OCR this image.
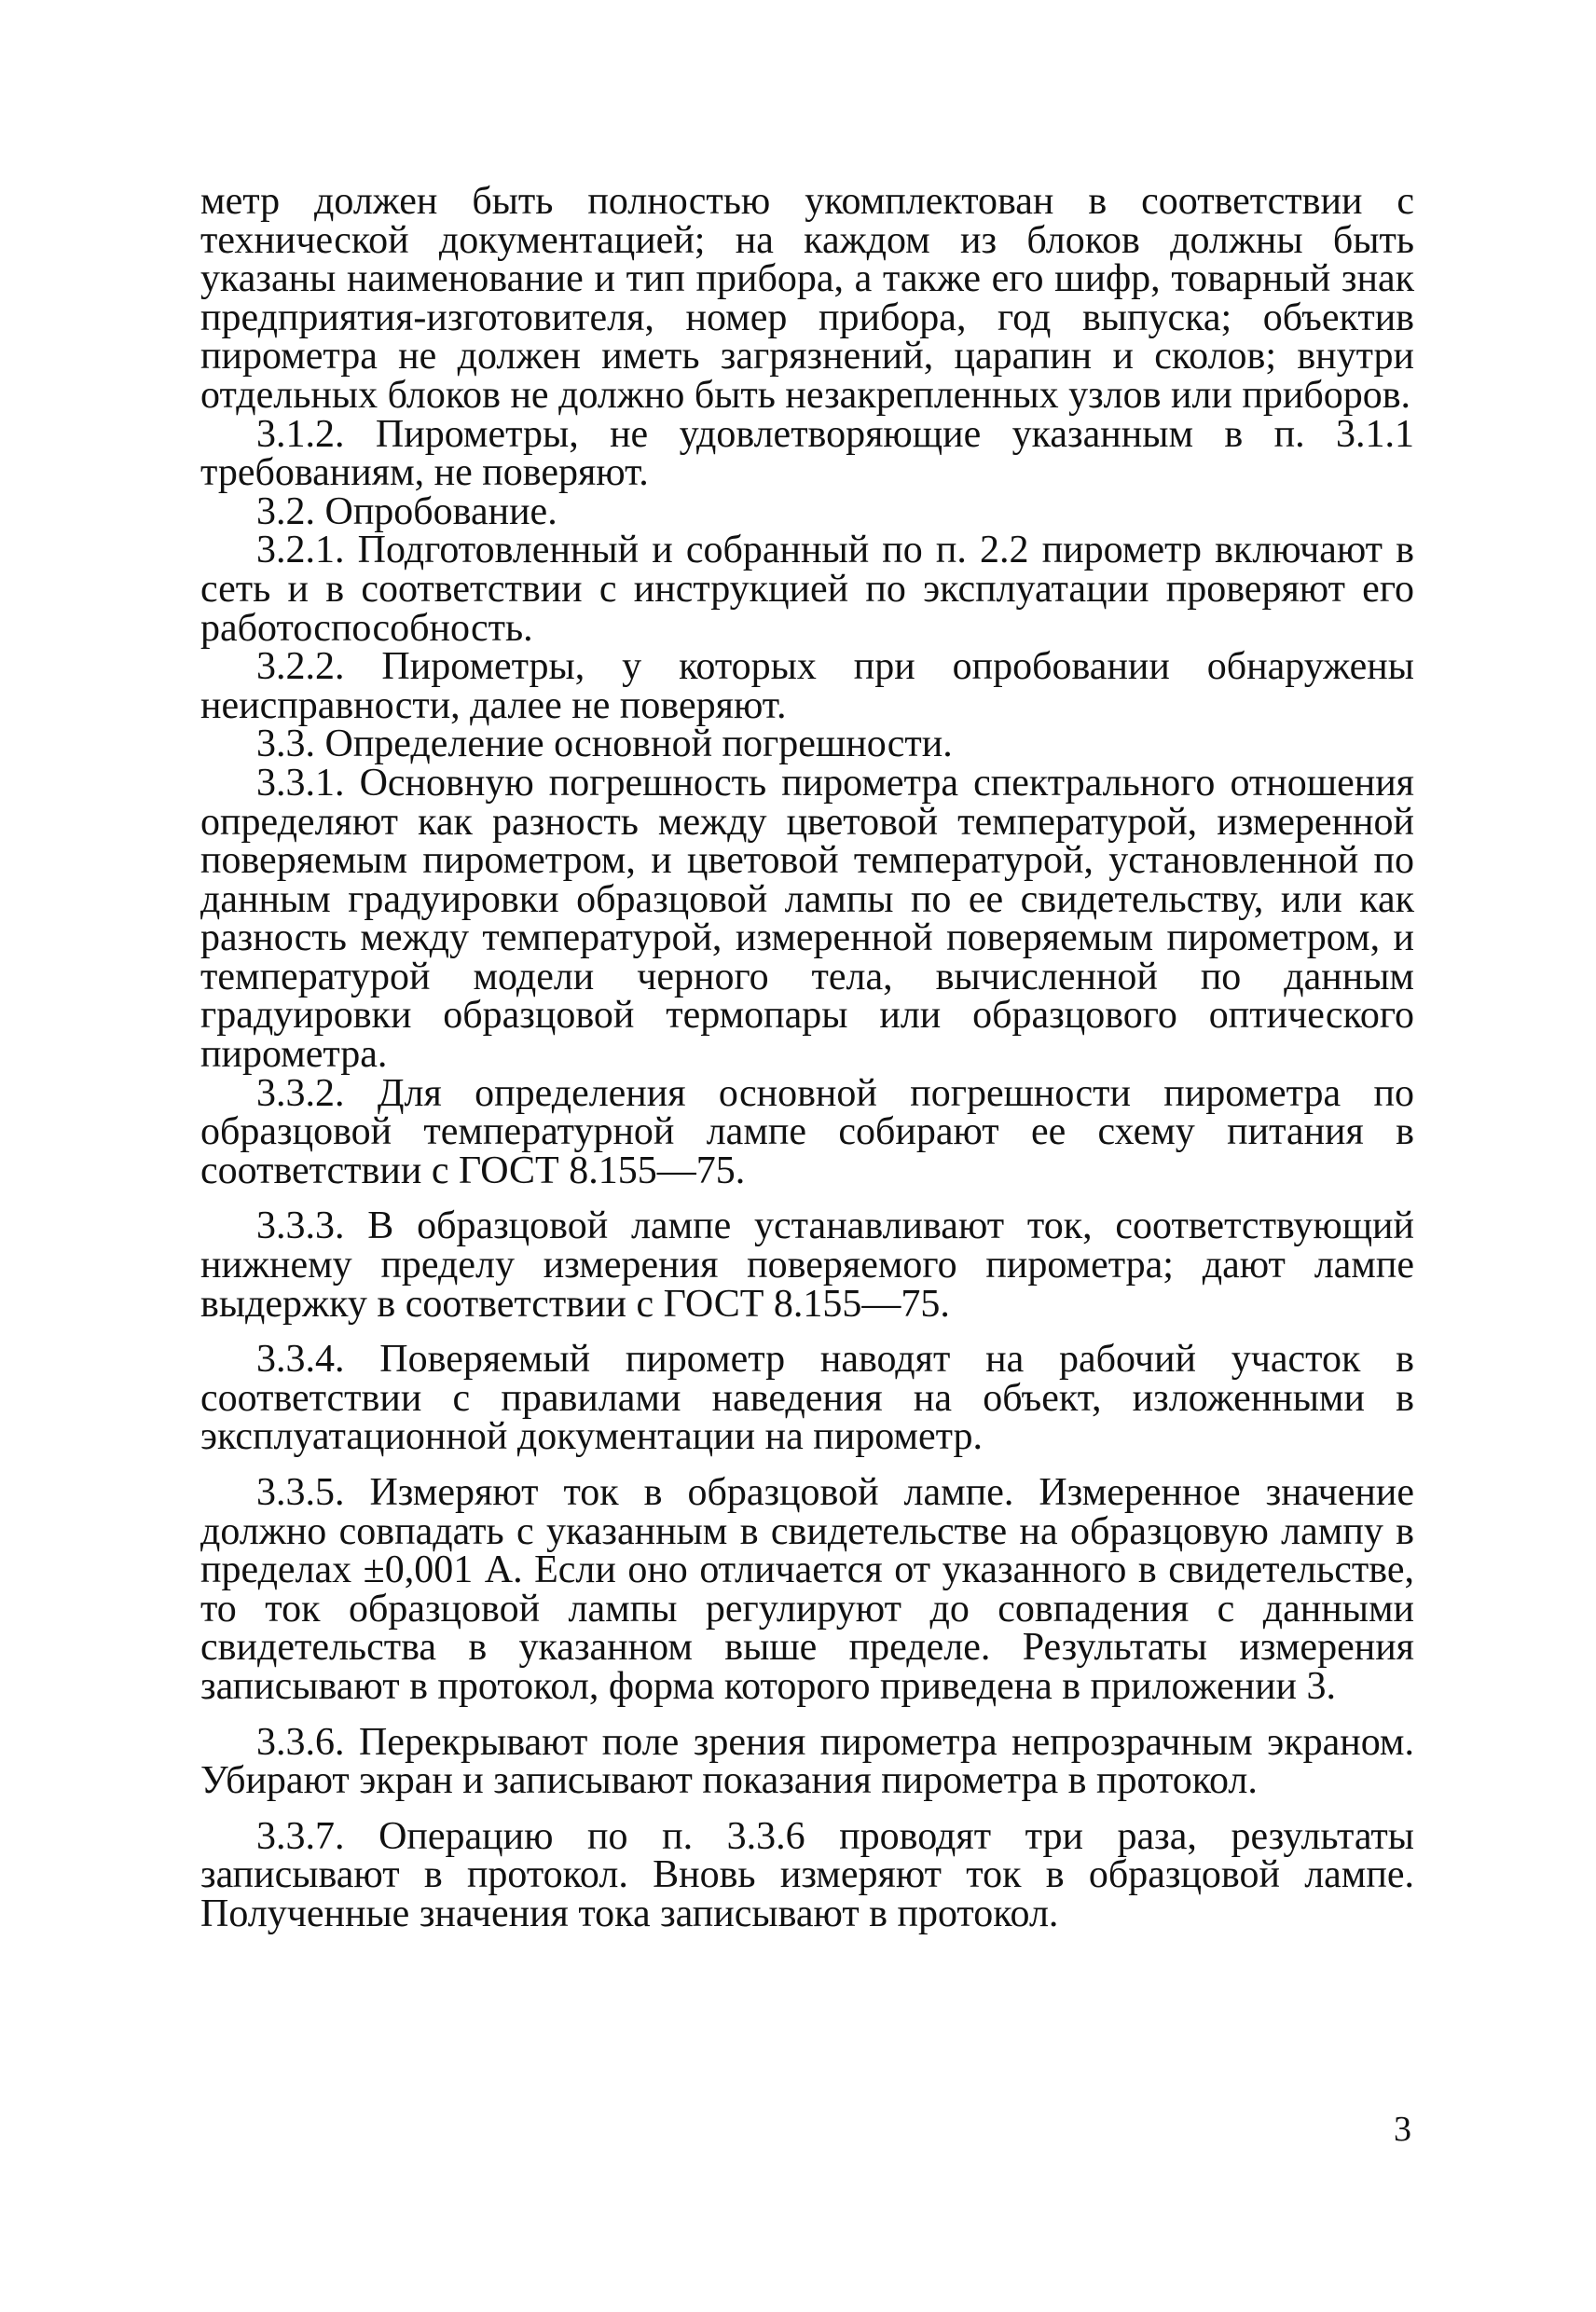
метр должен быть полностью укомплектован в соответствии с технической документацией; на каждом из блоков должны быть указаны наименование и тип прибора, а также его шифр, товарный знак предприятия-изготовителя, номер прибора, год выпуска; объектив пирометра не должен иметь загрязнений, царапин и сколов; внутри отдельных блоков не должно быть незакрепленных узлов или приборов.

3.1.2. Пирометры, не удовлетворяющие указанным в п. 3.1.1 требованиям, не поверяют.

3.2. Опробование.

3.2.1. Подготовленный и собранный по п. 2.2 пирометр включают в сеть и в соответствии с инструкцией по эксплуатации проверяют его работоспособность.

3.2.2. Пирометры, у которых при опробовании обнаружены неисправности, далее не поверяют.

3.3. Определение основной погрешности.

3.3.1. Основную погрешность пирометра спектрального отношения определяют как разность между цветовой температурой, измеренной поверяемым пирометром, и цветовой температурой, установленной по данным градуировки образцовой лампы по ее свидетельству, или как разность между температурой, измеренной поверяемым пирометром, и температурой модели черного тела, вычисленной по данным градуировки образцовой термопары или образцового оптического пирометра.

3.3.2. Для определения основной погрешности пирометра по образцовой температурной лампе собирают ее схему питания в соответствии с ГОСТ 8.155—75.

3.3.3. В образцовой лампе устанавливают ток, соответствующий нижнему пределу измерения поверяемого пирометра; дают лампе выдержку в соответствии с ГОСТ 8.155—75.

3.3.4. Поверяемый пирометр наводят на рабочий участок в соответствии с правилами наведения на объект, изложенными в эксплуатационной документации на пирометр.

3.3.5. Измеряют ток в образцовой лампе. Измеренное значение должно совпадать с указанным в свидетельстве на образцовую лампу в пределах ±0,001 А. Если оно отличается от указанного в свидетельстве, то ток образцовой лампы регулируют до совпадения с данными свидетельства в указанном выше пределе. Результаты измерения записывают в протокол, форма которого приведена в приложении 3.

3.3.6. Перекрывают поле зрения пирометра непрозрачным экраном. Убирают экран и записывают показания пирометра в протокол.

3.3.7. Операцию по п. 3.3.6 проводят три раза, результаты записывают в протокол. Вновь измеряют ток в образцовой лампе. Полученные значения тока записывают в протокол.

3
